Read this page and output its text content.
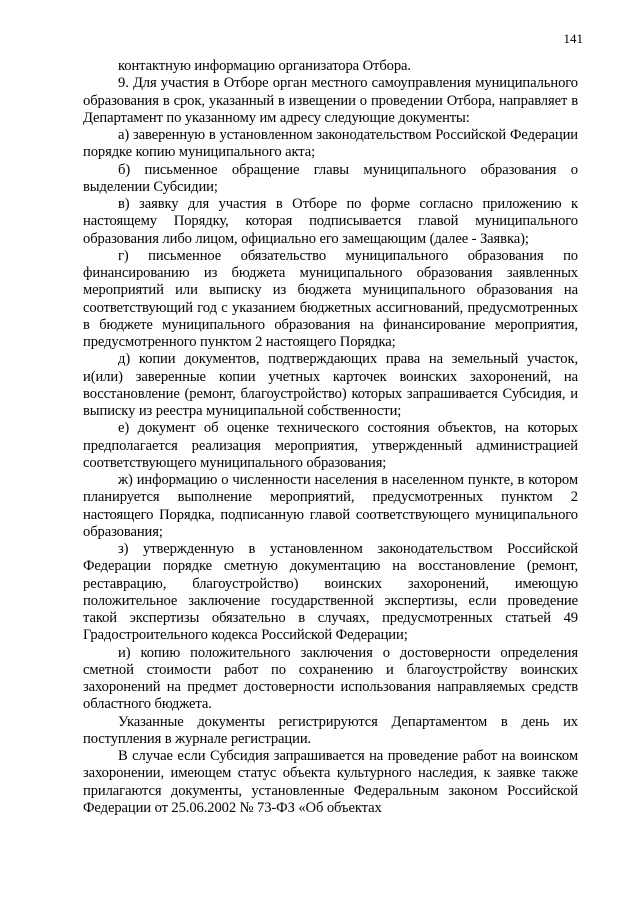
141

контактную информацию организатора Отбора.

9. Для участия в Отборе орган местного самоуправления муниципального образования в срок, указанный в извещении о проведении Отбора, направляет в Департамент по указанному им адресу следующие документы:

а) заверенную в установленном законодательством Российской Федерации порядке копию муниципального акта;

б) письменное обращение главы муниципального образования о выделении Субсидии;

в) заявку для участия в Отборе по форме согласно приложению к настоящему Порядку, которая подписывается главой муниципального образования либо лицом, официально его замещающим (далее - Заявка);

г) письменное обязательство муниципального образования по финансированию из бюджета муниципального образования заявленных мероприятий или выписку из бюджета муниципального образования на соответствующий год с указанием бюджетных ассигнований, предусмотренных в бюджете муниципального образования на финансирование мероприятия, предусмотренного пунктом 2 настоящего Порядка;

д) копии документов, подтверждающих права на земельный участок, и(или) заверенные копии учетных карточек воинских захоронений, на восстановление (ремонт, благоустройство) которых запрашивается Субсидия, и выписку из реестра муниципальной собственности;

е) документ об оценке технического состояния объектов, на которых предполагается реализация мероприятия, утвержденный администрацией соответствующего муниципального образования;

ж) информацию о численности населения в населенном пункте, в котором планируется выполнение мероприятий, предусмотренных пунктом 2 настоящего Порядка, подписанную главой соответствующего муниципального образования;

з) утвержденную в установленном законодательством Российской Федерации порядке сметную документацию на восстановление (ремонт, реставрацию, благоустройство) воинских захоронений, имеющую положительное заключение государственной экспертизы, если проведение такой экспертизы обязательно в случаях, предусмотренных статьей 49 Градостроительного кодекса Российской Федерации;

и) копию положительного заключения о достоверности определения сметной стоимости работ по сохранению и благоустройству воинских захоронений на предмет достоверности использования направляемых средств областного бюджета.

Указанные документы регистрируются Департаментом в день их поступления в журнале регистрации.

В случае если Субсидия запрашивается на проведение работ на воинском захоронении, имеющем статус объекта культурного наследия, к заявке также прилагаются документы, установленные Федеральным законом Российской Федерации от 25.06.2002 № 73-ФЗ «Об объектах
